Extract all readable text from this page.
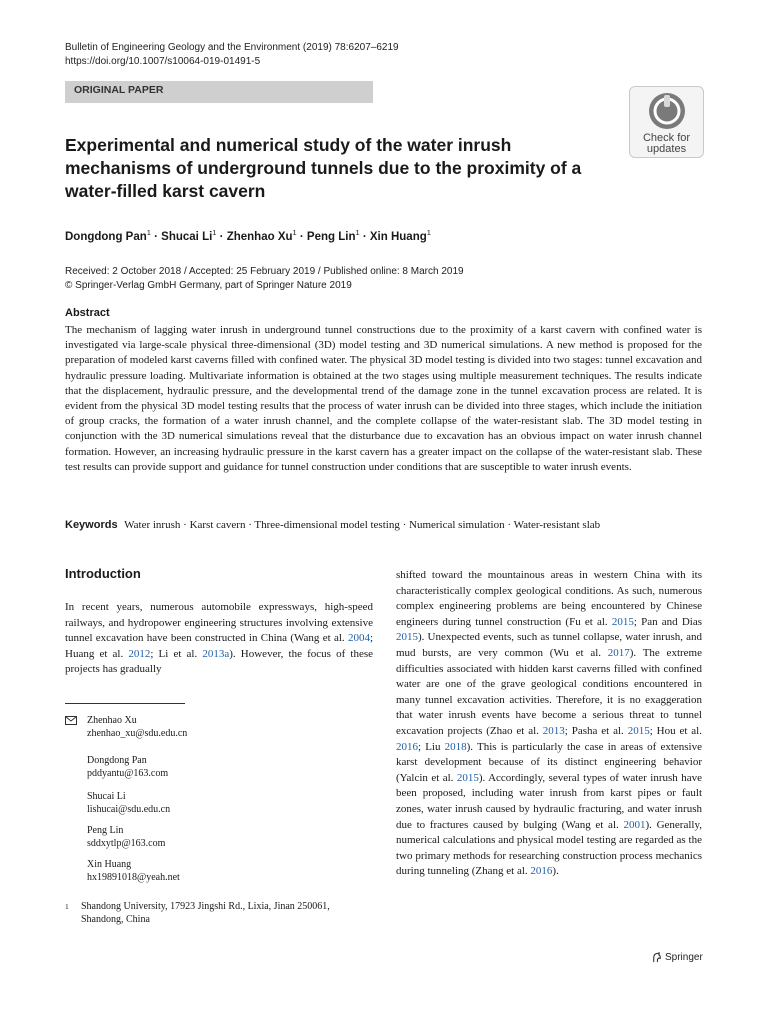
Bulletin of Engineering Geology and the Environment (2019) 78:6207–6219
https://doi.org/10.1007/s10064-019-01491-5
ORIGINAL PAPER
Check for
updates
Experimental and numerical study of the water inrush mechanisms of underground tunnels due to the proximity of a water-filled karst cavern
Dongdong Pan$^1$ · Shucai $Li^1$ · Zhenhao $Xu^1$ · Peng Lin$^1$ · Xin Huang$^1$
Received: 2 October 2018 / Accepted: 25 February 2019 / Published online: 8 March 2019
© Springer-Verlag GmbH Germany, part of Springer Nature 2019
Abstract
The mechanism of lagging water inrush in underground tunnel constructions due to the proximity of a karst cavern with confined water is investigated via large-scale physical three-dimensional (3D) model testing and 3D numerical simulations. A new method is proposed for the preparation of modeled karst caverns filled with confined water. The physical 3D model testing is divided into two stages: tunnel excavation and hydraulic pressure loading. Multivariate information is obtained at the two stages using multiple measurement techniques. The results indicate that the displacement, hydraulic pressure, and the developmental trend of the damage zone in the tunnel excavation process are related. It is evident from the physical 3D model testing results that the process of water inrush can be divided into three stages, which include the initiation of group cracks, the formation of a water inrush channel, and the complete collapse of the water-resistant slab. The 3D model testing in conjunction with the 3D numerical simulations reveal that the disturbance due to excavation has an obvious impact on water inrush channel formation. However, an increasing hydraulic pressure in the karst cavern has a greater impact on the collapse of the water-resistant slab. These test results can provide support and guidance for tunnel construction under conditions that are susceptible to water inrush events.
Keywords Water inrush · Karst cavern · Three-dimensional model testing · Numerical simulation · Water-resistant slab
Introduction
In recent years, numerous automobile expressways, high-speed railways, and hydropower engineering structures involving extensive tunnel excavation have been constructed in China (Wang et al. 2004; Huang et al. 2012; Li et al. 2013a). However, the focus of these projects has gradually
shifted toward the mountainous areas in western China with its characteristically complex geological conditions. As such, numerous complex engineering problems are being encountered by Chinese engineers during tunnel construction (Fu et al. 2015; Pan and Dias 2015). Unexpected events, such as tunnel collapse, water inrush, and mud bursts, are very common (Wu et al. 2017). The extreme difficulties associated with hidden karst caverns filled with confined water are one of the grave geological conditions encountered in many tunnel excavation activities. Therefore, it is no exaggeration that water inrush events have become a serious threat to tunnel excavation projects (Zhao et al. 2013; Pasha et al. 2015; Hou et al. 2016; Liu 2018). This is particularly the case in areas of extensive karst development because of its distinct engineering behavior (Yalcin et al. 2015). Accordingly, several types of water inrush have been proposed, including water inrush from karst pipes or fault zones, water inrush caused by hydraulic fracturing, and water inrush due to fractures caused by bulging (Wang et al. 2001). Generally, numerical calculations and physical model testing are regarded as the two primary methods for researching construction process mechanics during tunneling (Zhang et al. 2016).
Zhenhao Xu
zhenhao_xu@sdu.edu.cn
Dongdong Pan
pddyantu@163.com
Shucai Li
lishucai@sdu.edu.cn
Peng Lin
sddxytlp@163.com
Xin Huang
hx19891018@yeah.net
1 Shandong University, 17923 Jingshi Rd., Lixia, Jinan 250061, Shandong, China
Springer
